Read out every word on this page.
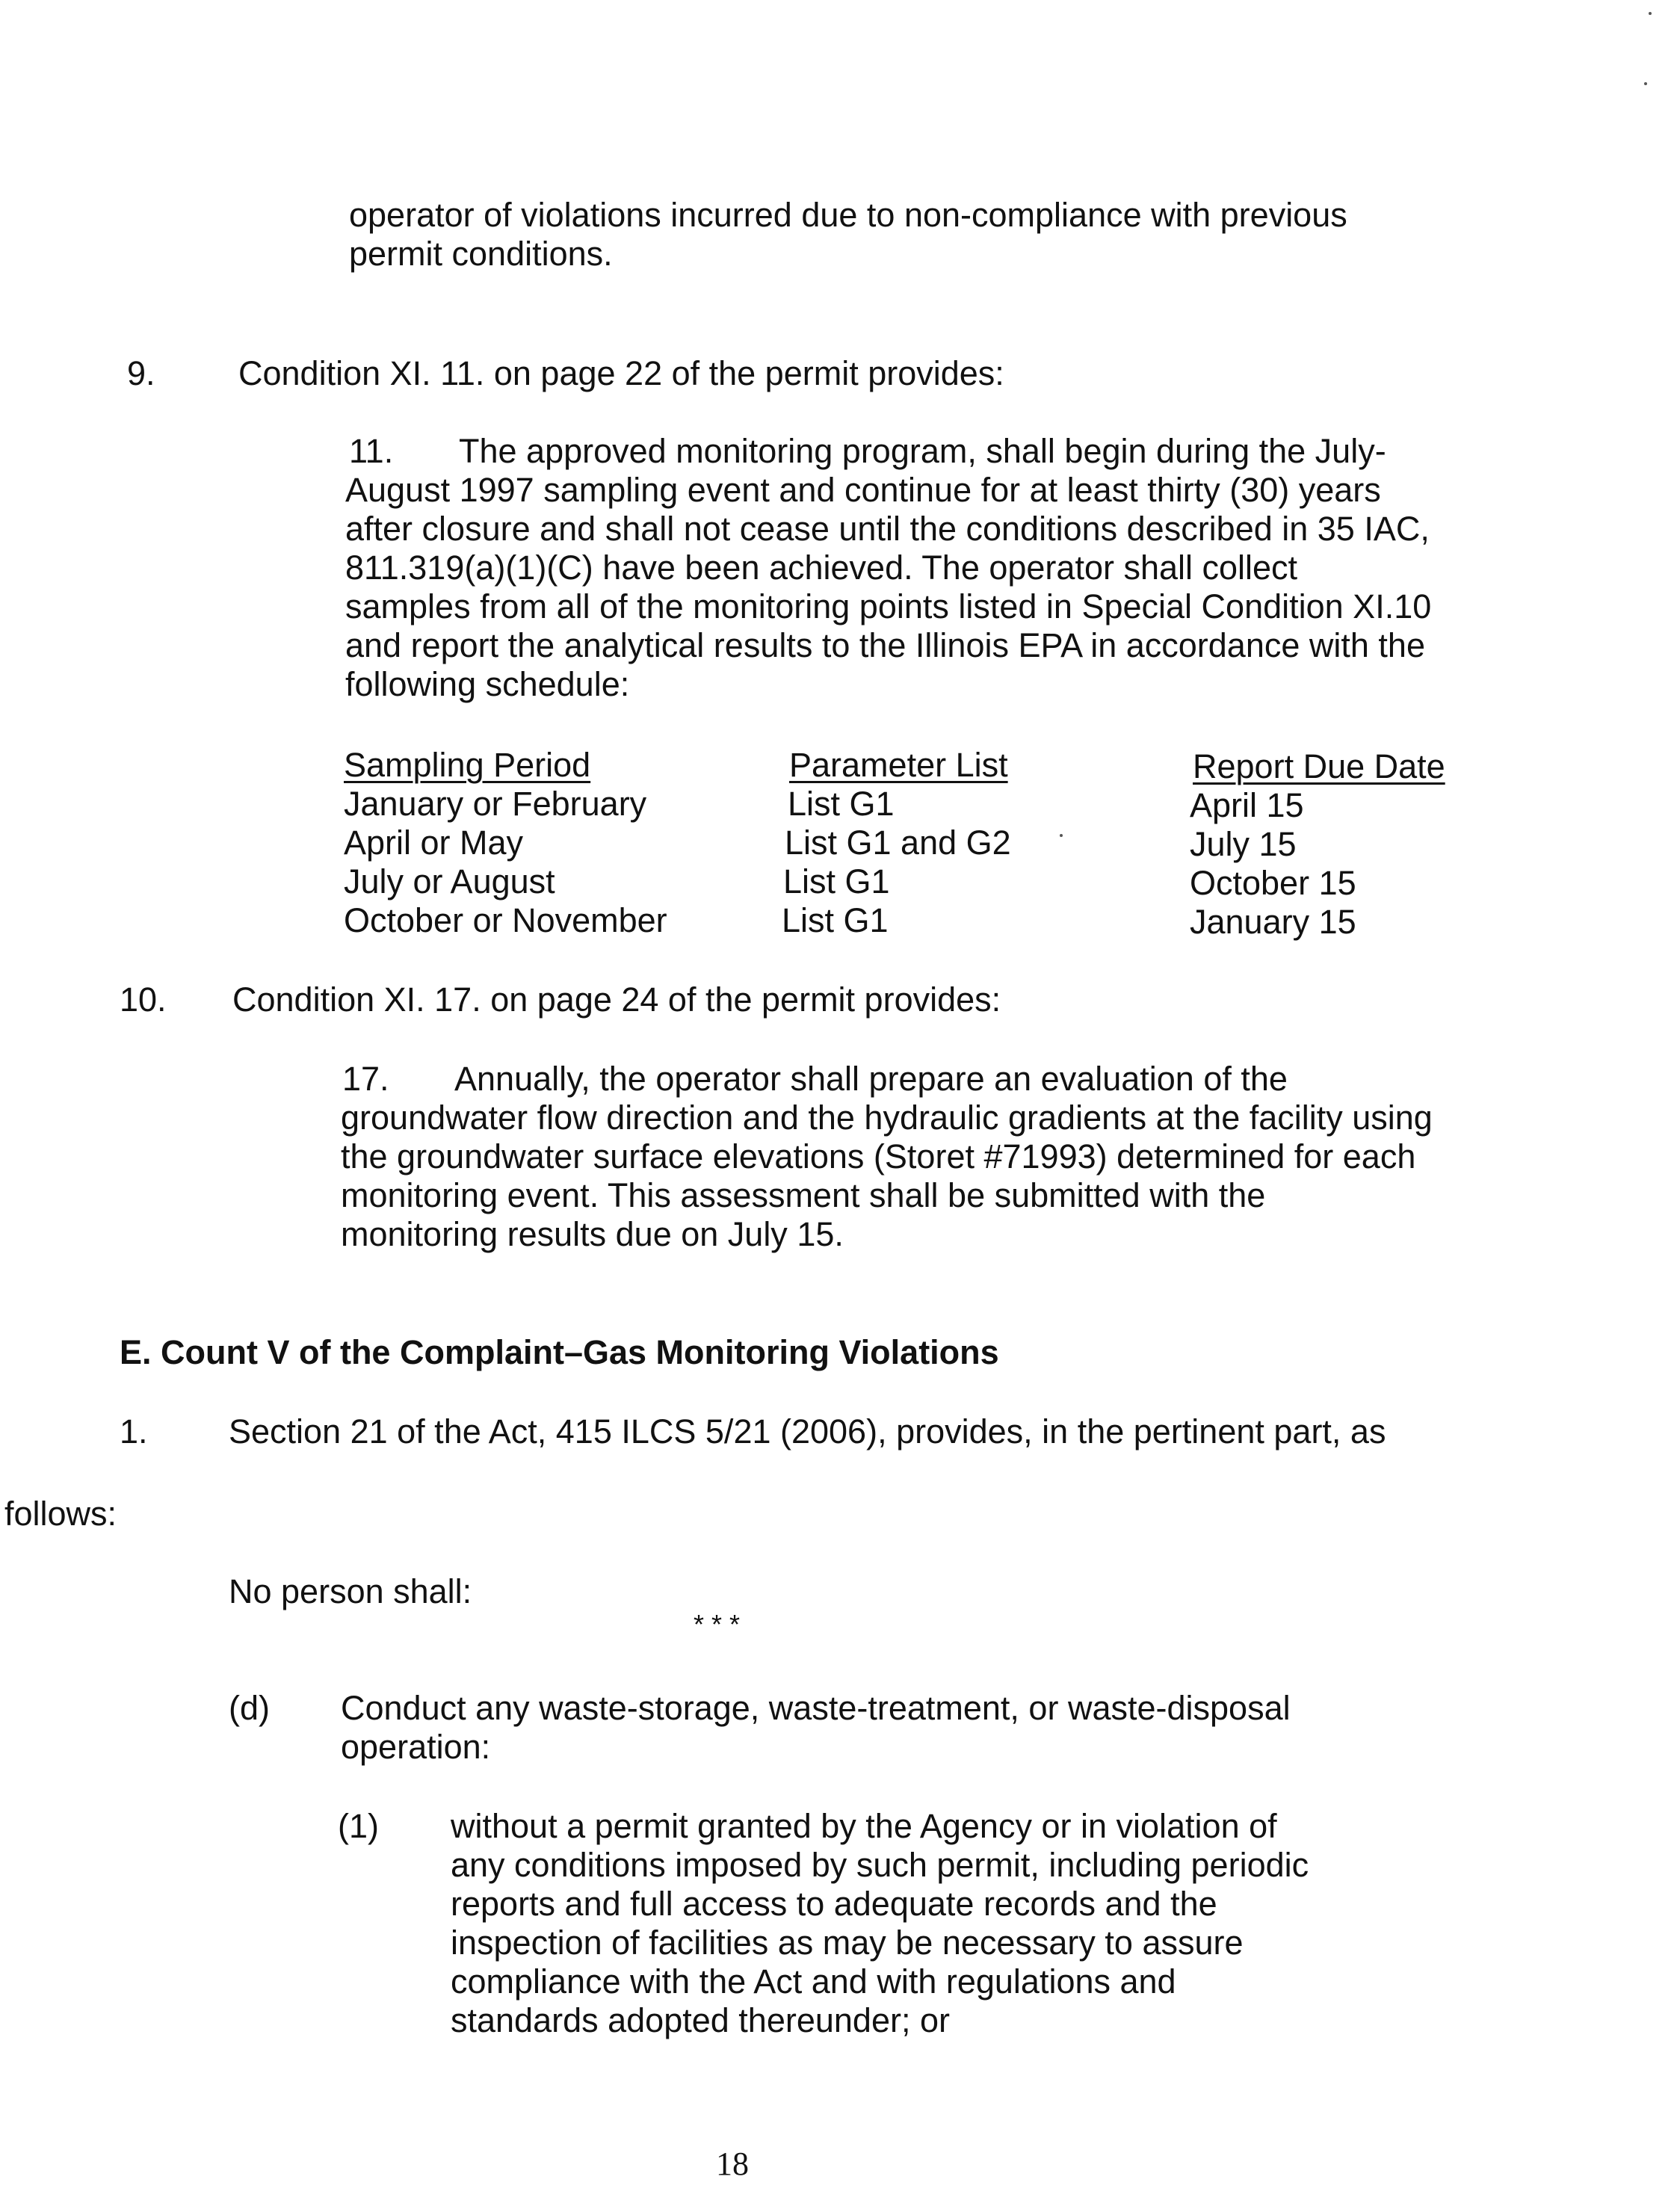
operator of violations incurred due to non-compliance with previous
permit conditions.

9. Condition XI. 11. on page 22 of the permit provides:

11.	The approved monitoring program, shall begin during the July-
August 1997 sampling event and continue for at least thirty (30) years
after closure and shall not cease until the conditions described in 35 IAC,
811.319(a)(1)(C) have been achieved. The operator shall collect
samples from all of the monitoring points listed in Special Condition XI.10
and report the analytical results to the Illinois EPA in accordance with the
following schedule:
Sampling Period
January or February
April or May
July or August
October or November
Parameter List
List G1
List G1 and G2
List G1
List G1
Report Due Date
April 15
July 15
October 15
January 15

10. Condition XI. 17. on page 24 of the permit provides:

17.	Annually, the operator shall prepare an evaluation of the
groundwater flow direction and the hydraulic gradients at the facility using
the groundwater surface elevations (Storet #71993) determined for each
monitoring event. This assessment shall be submitted with the
monitoring results due on July 15.

E. Count V of the Complaint–Gas Monitoring Violations

1. Section 21 of the Act, 415 ILCS 5/21 (2006), provides, in the pertinent part, as

follows:

No person shall:

* * *

(d) Conduct any waste-storage, waste-treatment, or waste-disposal
operation:

(1) without a permit granted by the Agency or in violation of
any conditions imposed by such permit, including periodic
reports and full access to adequate records and the
inspection of facilities as may be necessary to assure
compliance with the Act and with regulations and
standards adopted thereunder; or

18
